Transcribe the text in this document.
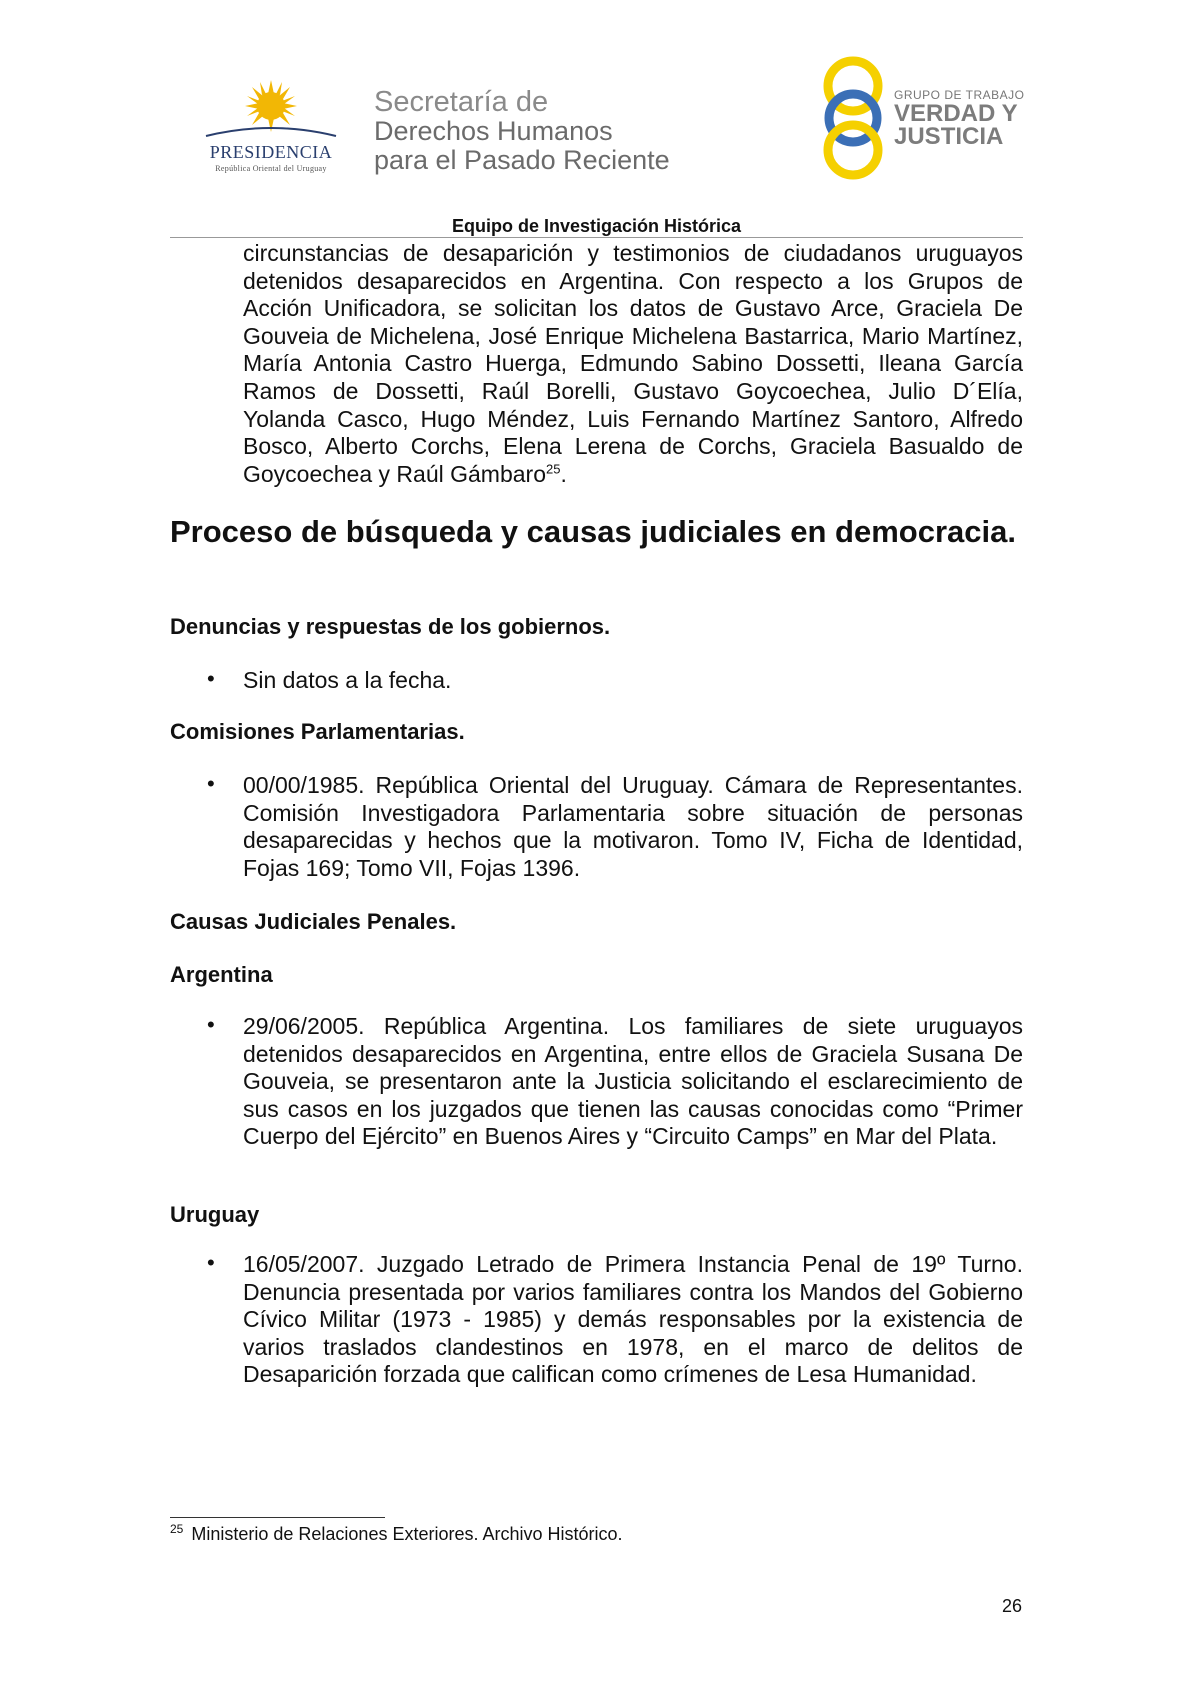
PRESIDENCIA
República Oriental del Uruguay
Secretaría de
Derechos Humanos
para el Pasado Reciente
GRUPO DE TRABAJO
VERDAD Y
JUSTICIA
Equipo de Investigación Histórica
circunstancias de desaparición y testimonios de ciudadanos uruguayos detenidos desaparecidos en Argentina. Con respecto a los Grupos de Acción Unificadora, se solicitan los datos de Gustavo Arce, Graciela De Gouveia de Michelena, José Enrique Michelena Bastarrica, Mario Martínez, María Antonia Castro Huerga, Edmundo Sabino Dossetti, Ileana García Ramos de Dossetti, Raúl Borelli, Gustavo Goycoechea, Julio D´Elía, Yolanda Casco, Hugo Méndez, Luis Fernando Martínez Santoro, Alfredo Bosco, Alberto Corchs, Elena Lerena de Corchs, Graciela Basualdo de Goycoechea y Raúl Gámbaro$^{25}$.
Proceso de búsqueda y causas judiciales en democracia.
Denuncias y respuestas de los gobiernos.
• Sin datos a la fecha.
Comisiones Parlamentarias.
• 00/00/1985. República Oriental del Uruguay. Cámara de Representantes. Comisión Investigadora Parlamentaria sobre situación de personas desaparecidas y hechos que la motivaron. Tomo IV, Ficha de Identidad, Fojas 169; Tomo VII, Fojas 1396.
Causas Judiciales Penales.
Argentina
• 29/06/2005. República Argentina. Los familiares de siete uruguayos detenidos desaparecidos en Argentina, entre ellos de Graciela Susana De Gouveia, se presentaron ante la Justicia solicitando el esclarecimiento de sus casos en los juzgados que tienen las causas conocidas como “Primer Cuerpo del Ejército” en Buenos Aires y “Circuito Camps” en Mar del Plata.
Uruguay
• 16/05/2007. Juzgado Letrado de Primera Instancia Penal de 19º Turno. Denuncia presentada por varios familiares contra los Mandos del Gobierno Cívico Militar (1973 - 1985) y demás responsables por la existencia de varios traslados clandestinos en 1978, en el marco de delitos de Desaparición forzada que califican como crímenes de Lesa Humanidad.
$^{25}$ Ministerio de Relaciones Exteriores. Archivo Histórico.
26
